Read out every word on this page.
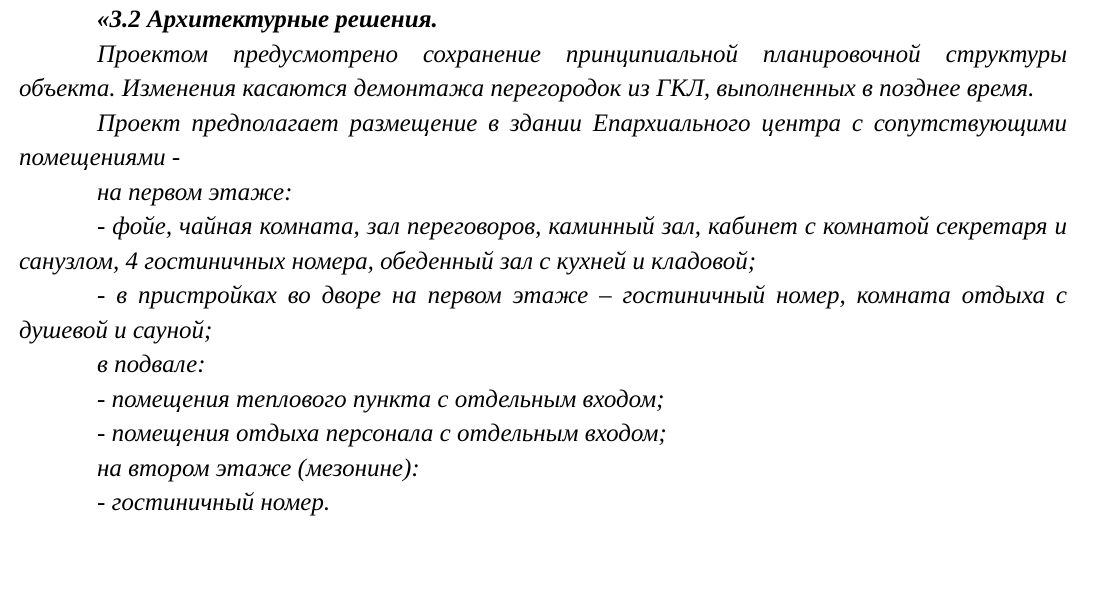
«3.2 Архитектурные решения.

Проектом предусмотрено сохранение принципиальной планировочной структуры объекта. Изменения касаются демонтажа перегородок из ГКЛ, выполненных в позднее время.

Проект предполагает размещение в здании Епархиального центра с сопутствующими помещениями -

на первом этаже:

- фойе, чайная комната, зал переговоров, каминный зал, кабинет с комнатой секретаря и санузлом, 4 гостиничных номера, обеденный зал с кухней и кладовой;

- в пристройках во дворе на первом этаже – гостиничный номер, комната отдыха с душевой и сауной;

в подвале:

- помещения теплового пункта с отдельным входом;

- помещения отдыха персонала с отдельным входом;

на втором этаже (мезонине):

- гостиничный номер.
